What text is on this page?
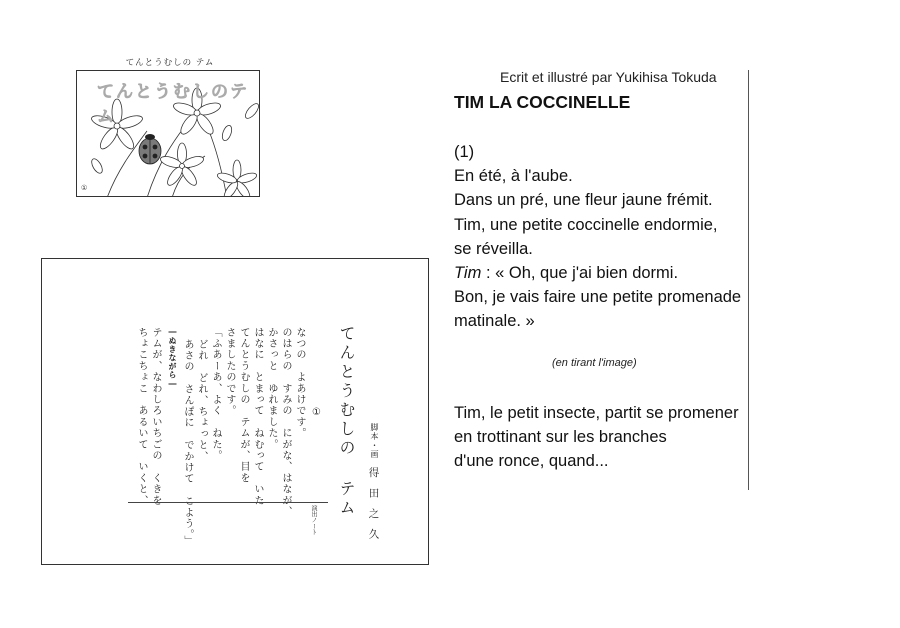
てんとうむしの テム
てんとうむしのテム
①
てんとうむしの テム 脚本・画
得田之久
①
なつの　よあけです。
のはらの　すみの　にがな、はなが、
かさっと　ゆれました。
はなに　とまって　ねむって　いた
てんとうむしの　テムが、目を
さましたのです。
「ふあーあ、よく　ねた。
どれ　どれ、ちょっと、
あさの　さんぽに　でかけて　こよう。」
―ぬきながら―
テムが、なわしろいちごの　くきを
ちょこちょこ　あるいて　いくと、
演出ノート
Ecrit et illustré par Yukihisa Tokuda
TIM LA COCCINELLE

(1)

En été, à l'aube.

Dans un pré, une fleur jaune frémit.

Tim, une petite coccinelle endormie,

se réveilla.

Tim : « Oh, que j'ai bien dormi.

Bon, je vais faire une petite promenade

matinale. »

(en tirant l'image)

Tim, le petit insecte, partit se promener

en trottinant sur les branches

d'une ronce, quand...
